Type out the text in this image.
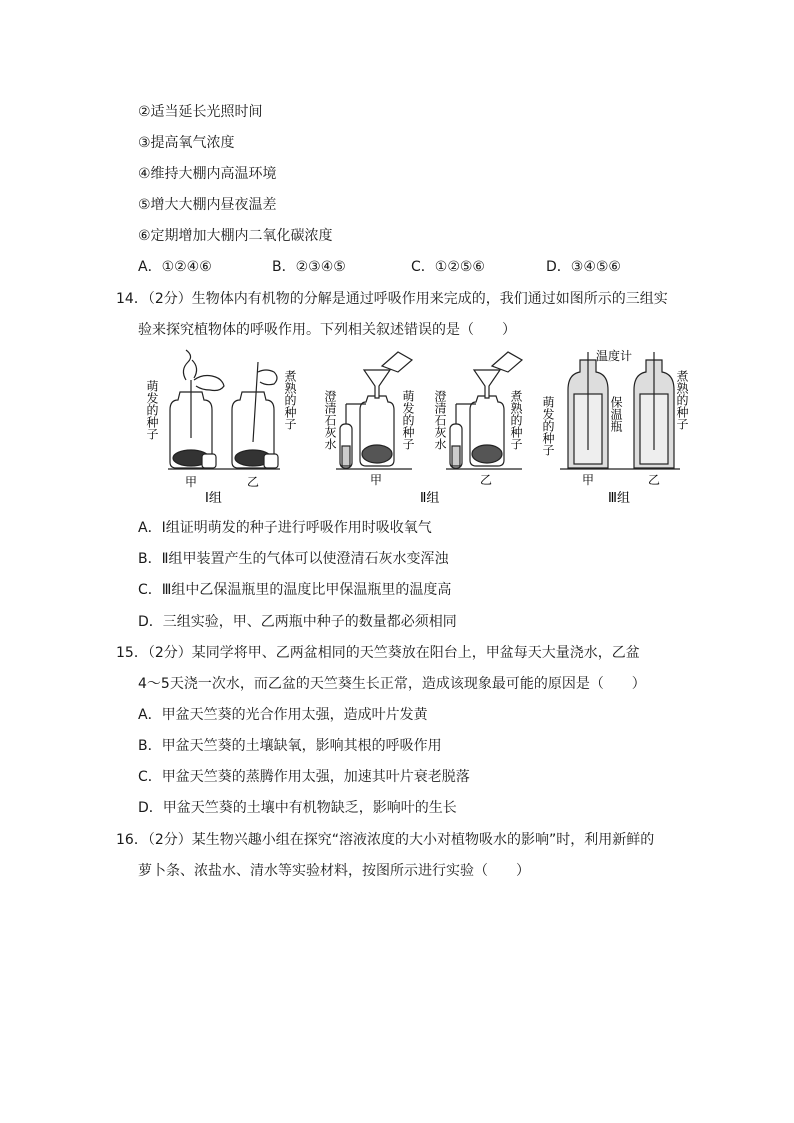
②适当延长光照时间
③提高氧气浓度
④维持大棚内高温环境
⑤增大大棚内昼夜温差
⑥定期增加大棚内二氧化碳浓度
A．①②④⑥	B．②③④⑤	C．①②⑤⑥	D．③④⑤⑥
14．（2分）生物体内有机物的分解是通过呼吸作用来完成的，我们通过如图所示的三组实
验来探究植物体的呼吸作用。下列相关叙述错误的是（　　）
萌发的种子	煮熟的种子
甲	乙
Ⅰ组
澄清石灰水	萌发的种子 澄清石灰水	煮熟的种子
甲	乙
Ⅱ组
温度计
萌发的种子	保温瓶	煮熟的种子
甲	乙
Ⅲ组
A．Ⅰ组证明萌发的种子进行呼吸作用时吸收氧气
B．Ⅱ组甲装置产生的气体可以使澄清石灰水变浑浊
C．Ⅲ组中乙保温瓶里的温度比甲保温瓶里的温度高
D．三组实验，甲、乙两瓶中种子的数量都必须相同
15．（2分）某同学将甲、乙两盆相同的天竺葵放在阳台上，甲盆每天大量浇水，乙盆
4～5天浇一次水，而乙盆的天竺葵生长正常，造成该现象最可能的原因是（　　）
A．甲盆天竺葵的光合作用太强，造成叶片发黄
B．甲盆天竺葵的土壤缺氧，影响其根的呼吸作用
C．甲盆天竺葵的蒸腾作用太强，加速其叶片衰老脱落
D．甲盆天竺葵的土壤中有机物缺乏，影响叶的生长
16．（2分）某生物兴趣小组在探究“溶液浓度的大小对植物吸水的影响”时，利用新鲜的
萝卜条、浓盐水、清水等实验材料，按图所示进行实验（　　）
